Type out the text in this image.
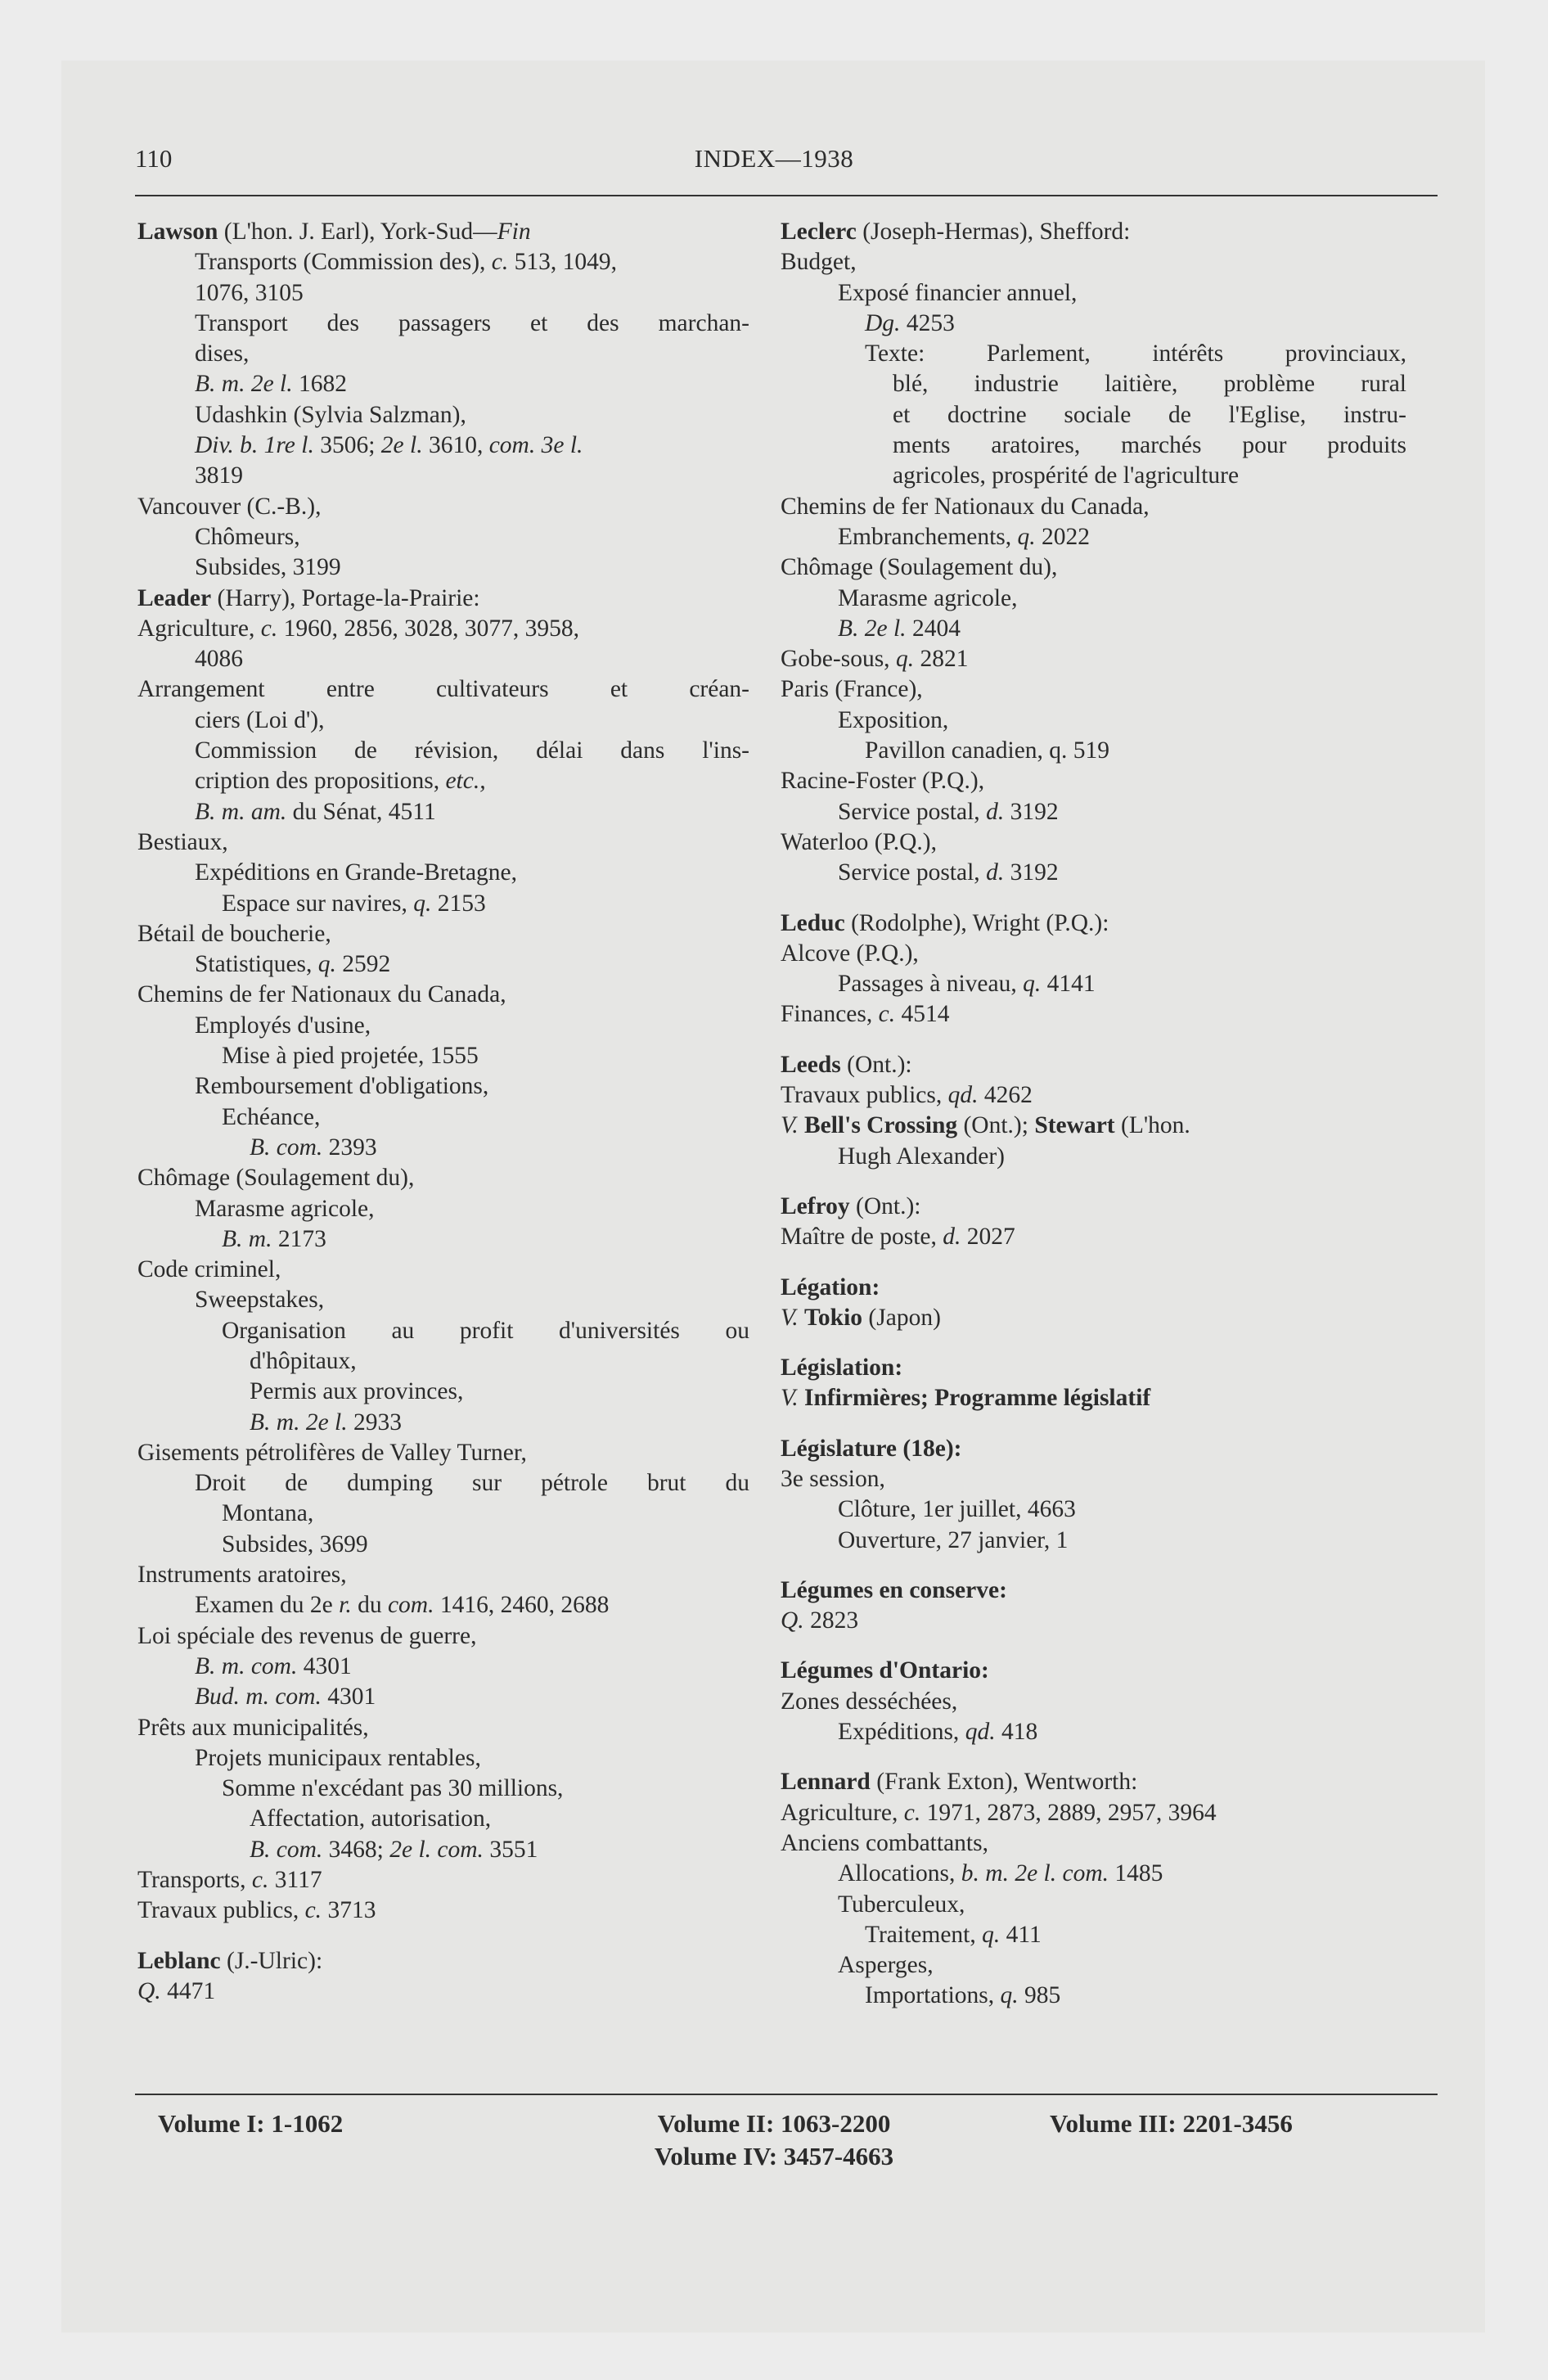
110	INDEX—1938
Lawson (L'hon. J. Earl), York-Sud—Fin
Transports (Commission des), c. 513, 1049,
1076, 3105
Transport des passagers et des marchan-
dises,
B. m. 2e l. 1682
Udashkin (Sylvia Salzman),
Div. b. 1re l. 3506; 2e l. 3610, com. 3e l.
3819
Vancouver (C.-B.),
Chômeurs,
Subsides, 3199
Leader (Harry), Portage-la-Prairie:
Agriculture, c. 1960, 2856, 3028, 3077, 3958,
4086
Arrangement entre cultivateurs et créan-
ciers (Loi d'),
Commission de révision, délai dans l'ins-
cription des propositions, etc.,
B. m. am. du Sénat, 4511
Bestiaux,
Expéditions en Grande-Bretagne,
Espace sur navires, q. 2153
Bétail de boucherie,
Statistiques, q. 2592
Chemins de fer Nationaux du Canada,
Employés d'usine,
Mise à pied projetée, 1555
Remboursement d'obligations,
Echéance,
B. com. 2393
Chômage (Soulagement du),
Marasme agricole,
B. m. 2173
Code criminel,
Sweepstakes,
Organisation au profit d'universités ou
d'hôpitaux,
Permis aux provinces,
B. m. 2e l. 2933
Gisements pétrolifères de Valley Turner,
Droit de dumping sur pétrole brut du
Montana,
Subsides, 3699
Instruments aratoires,
Examen du 2e r. du com. 1416, 2460, 2688
Loi spéciale des revenus de guerre,
B. m. com. 4301
Bud. m. com. 4301
Prêts aux municipalités,
Projets municipaux rentables,
Somme n'excédant pas 30 millions,
Affectation, autorisation,
B. com. 3468; 2e l. com. 3551
Transports, c. 3117
Travaux publics, c. 3713
Leblanc (J.-Ulric):
Q. 4471
Leclerc (Joseph-Hermas), Shefford:
Budget,
Exposé financier annuel,
Dg. 4253
Texte: Parlement, intérêts provinciaux,
blé, industrie laitière, problème rural
et doctrine sociale de l'Eglise, instru-
ments aratoires, marchés pour produits
agricoles, prospérité de l'agriculture
Chemins de fer Nationaux du Canada,
Embranchements, q. 2022
Chômage (Soulagement du),
Marasme agricole,
B. 2e l. 2404
Gobe-sous, q. 2821
Paris (France),
Exposition,
Pavillon canadien, q. 519
Racine-Foster (P.Q.),
Service postal, d. 3192
Waterloo (P.Q.),
Service postal, d. 3192
Leduc (Rodolphe), Wright (P.Q.):
Alcove (P.Q.),
Passages à niveau, q. 4141
Finances, c. 4514
Leeds (Ont.):
Travaux publics, qd. 4262
V. Bell's Crossing (Ont.); Stewart (L'hon.
Hugh Alexander)
Lefroy (Ont.):
Maître de poste, d. 2027
Légation:
V. Tokio (Japon)
Législation:
V. Infirmières; Programme législatif
Législature (18e):
3e session,
Clôture, 1er juillet, 4663
Ouverture, 27 janvier, 1
Légumes en conserve:
Q. 2823
Légumes d'Ontario:
Zones desséchées,
Expéditions, qd. 418
Lennard (Frank Exton), Wentworth:
Agriculture, c. 1971, 2873, 2889, 2957, 3964
Anciens combattants,
Allocations, b. m. 2e l. com. 1485
Tuberculeux,
Traitement, q. 411
Asperges,
Importations, q. 985
Volume I: 1-1062	Volume II: 1063-2200
Volume IV: 3457-4663
Volume III: 2201-3456
